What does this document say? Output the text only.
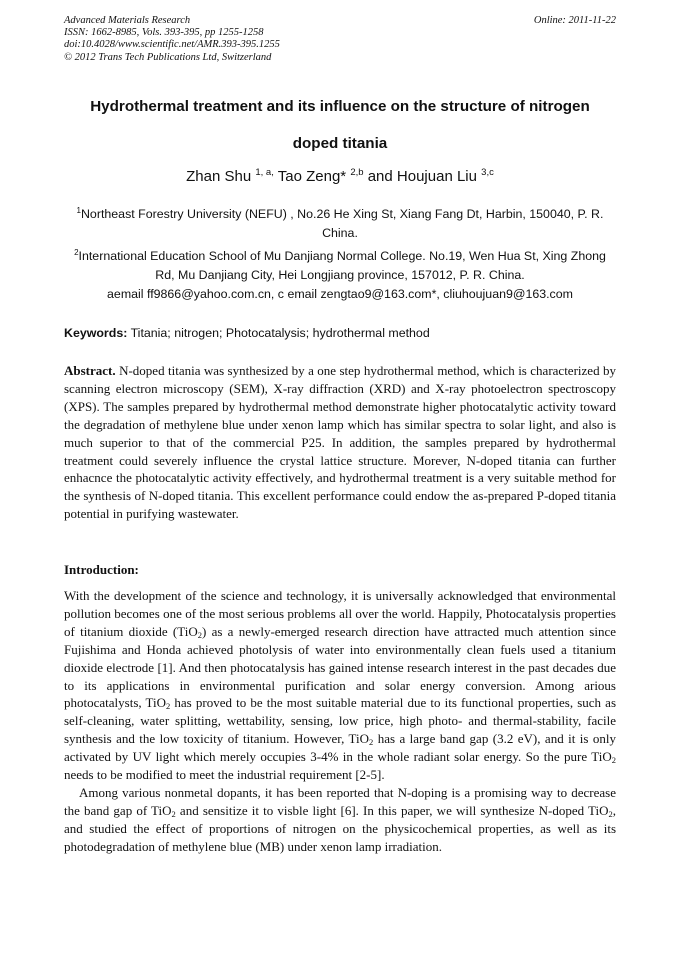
Advanced Materials Research
ISSN: 1662-8985, Vols. 393-395, pp 1255-1258
doi:10.4028/www.scientific.net/AMR.393-395.1255
© 2012 Trans Tech Publications Ltd, Switzerland
Online: 2011-11-22
Hydrothermal treatment and its influence on the structure of nitrogen
doped titania
Zhan Shu $^{1, a,}$ Tao Zeng* $^{2,b}$ and Houjuan Liu $^{3,c}$
$^1$Northeast Forestry University (NEFU) , No.26 He Xing St, Xiang Fang Dt, Harbin, 150040, P. R.
China.
$^2$International Education School of Mu Danjiang Normal College. No.19, Wen Hua St, Xing Zhong
Rd, Mu Danjiang City, Hei Longjiang province, 157012, P. R. China.
aemail ff9866@yahoo.com.cn, c email zengtao9@163.com*, cliuhoujuan9@163.com
Keywords: Titania; nitrogen; Photocatalysis; hydrothermal method
Abstract. N-doped titania was synthesized by a one step hydrothermal method, which is characterized by scanning electron microscopy (SEM), X-ray diffraction (XRD) and X-ray photoelectron spectroscopy (XPS). The samples prepared by hydrothermal method demonstrate higher photocatalytic activity toward the degradation of methylene blue under xenon lamp which has similar spectra to solar light, and also is much superior to that of the commercial P25. In addition, the samples prepared by hydrothermal treatment could severely influence the crystal lattice structure. Morever, N-doped titania can further enhacnce the photocatalytic activity effectively, and hydrothermal treatment is a very suitable method for the synthesis of N-doped titania. This excellent performance could endow the as-prepared P-doped titania potential in purifying wastewater.
Introduction:

With the development of the science and technology, it is universally acknowledged that environmental pollution becomes one of the most serious problems all over the world. Happily, Photocatalysis properties of titanium dioxide (TiO$_2$) as a newly-emerged research direction have attracted much attention since Fujishima and Honda achieved photolysis of water into environmentally clean fuels used a titanium dioxide electrode [1]. And then photocatalysis has gained intense research interest in the past decades due to its applications in environmental purification and solar energy conversion. Among arious photocatalysts, TiO$_2$ has proved to be the most suitable material due to its functional properties, such as self-cleaning, water splitting, wettability, sensing, low price, high photo- and thermal-stability, facile synthesis and the low toxicity of titanium. However, TiO$_2$ has a large band gap (3.2 eV), and it is only activated by UV light which merely occupies 3-4% in the whole radiant solar energy. So the pure TiO$_2$ needs to be modified to meet the industrial requirement [2-5].

Among various nonmetal dopants, it has been reported that N-doping is a promising way to decrease the band gap of TiO$_2$ and sensitize it to visble light [6]. In this paper, we will synthesize N-doped TiO$_2$, and studied the effect of proportions of nitrogen on the physicochemical properties, as well as its photodegradation of methylene blue (MB) under xenon lamp irradiation.
